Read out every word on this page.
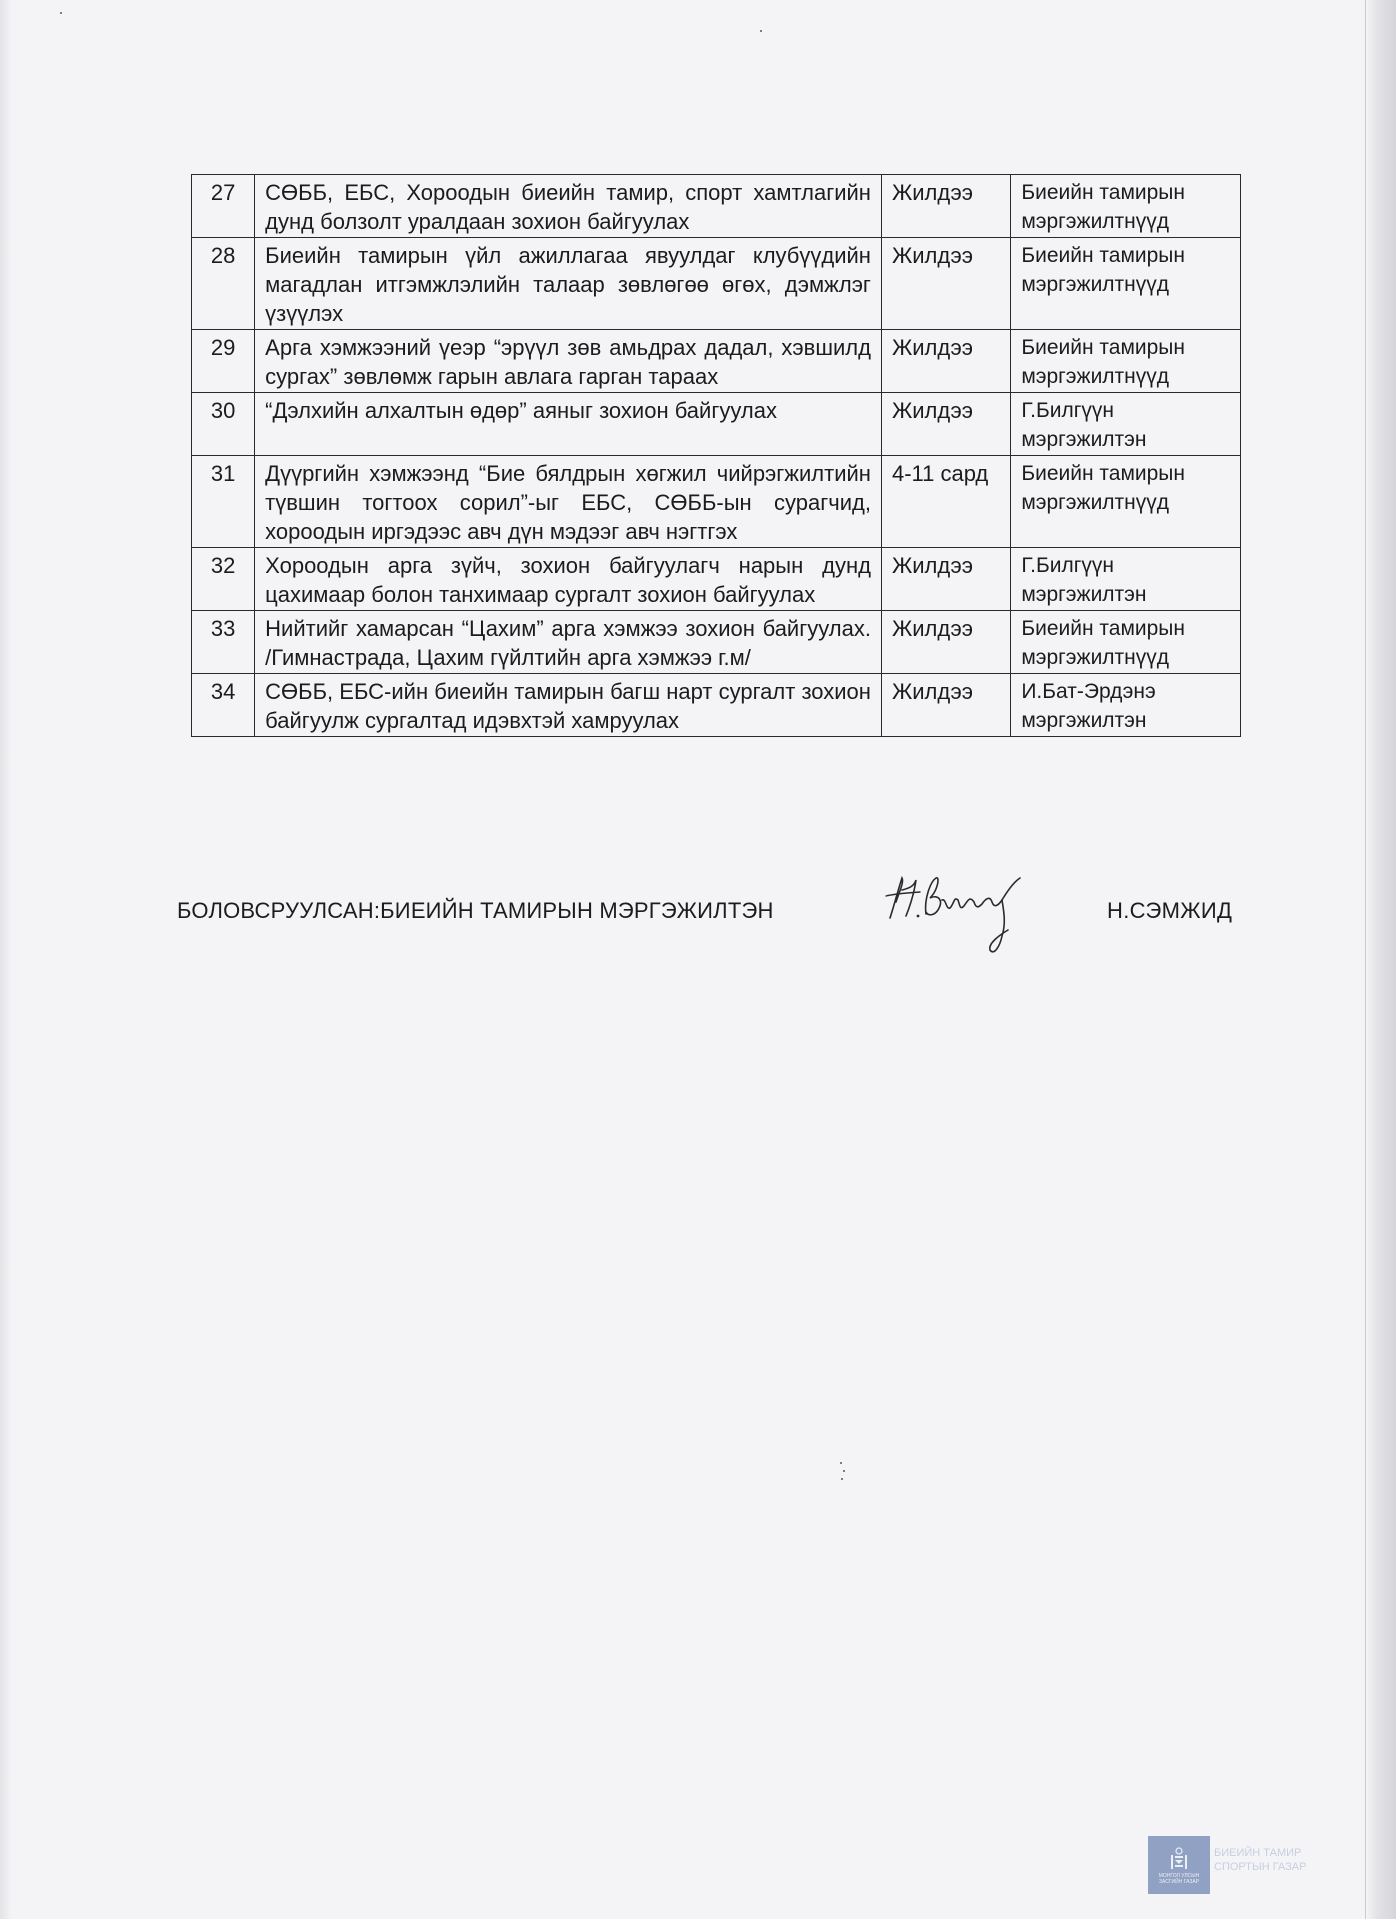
27	СӨББ, ЕБС, Хороодын биеийн тамир, спорт хамтлагийн дунд болзолт уралдаан зохион байгуулах	Жилдээ	Биеийн тамирын мэргэжилтнүүд
28	Биеийн тамирын үйл ажиллагаа явуулдаг клубүүдийн магадлан итгэмжлэлийн талаар зөвлөгөө өгөх, дэмжлэг үзүүлэх	Жилдээ	Биеийн тамирын мэргэжилтнүүд
29	Арга хэмжээний үеэр “эрүүл зөв амьдрах дадал, хэвшилд сургах” зөвлөмж гарын авлага гарган тараах	Жилдээ	Биеийн тамирын мэргэжилтнүүд
30	“Дэлхийн алхалтын өдөр” аяныг зохион байгуулах	Жилдээ	Г.Билгүүн мэргэжилтэн
31	Дүүргийн хэмжээнд “Бие бялдрын хөгжил чийрэгжилтийн түвшин тогтоох сорил”-ыг ЕБС, СӨББ-ын сурагчид, хороодын иргэдээс авч дүн мэдээг авч нэгтгэх	4-11 сард	Биеийн тамирын мэргэжилтнүүд
32	Хороодын арга зүйч, зохион байгуулагч нарын дунд цахимаар болон танхимаар сургалт зохион байгуулах	Жилдээ	Г.Билгүүн мэргэжилтэн
33	Нийтийг хамарсан “Цахим” арга хэмжээ зохион байгуулах. /Гимнастрада, Цахим гүйлтийн арга хэмжээ г.м/	Жилдээ	Биеийн тамирын мэргэжилтнүүд
34	СӨББ, ЕБС-ийн биеийн тамирын багш нарт сургалт зохион байгуулж сургалтад идэвхтэй хамруулах	Жилдээ	И.Бат-Эрдэнэ мэргэжилтэн
БОЛОВСРУУЛСАН:БИЕИЙН ТАМИРЫН МЭРГЭЖИЛТЭН	Н.СЭМЖИД
МОНГОЛ УЛСЫН ЗАСГИЙН ГАЗАР
БИЕИЙН ТАМИР СПОРТЫН ГАЗАР
